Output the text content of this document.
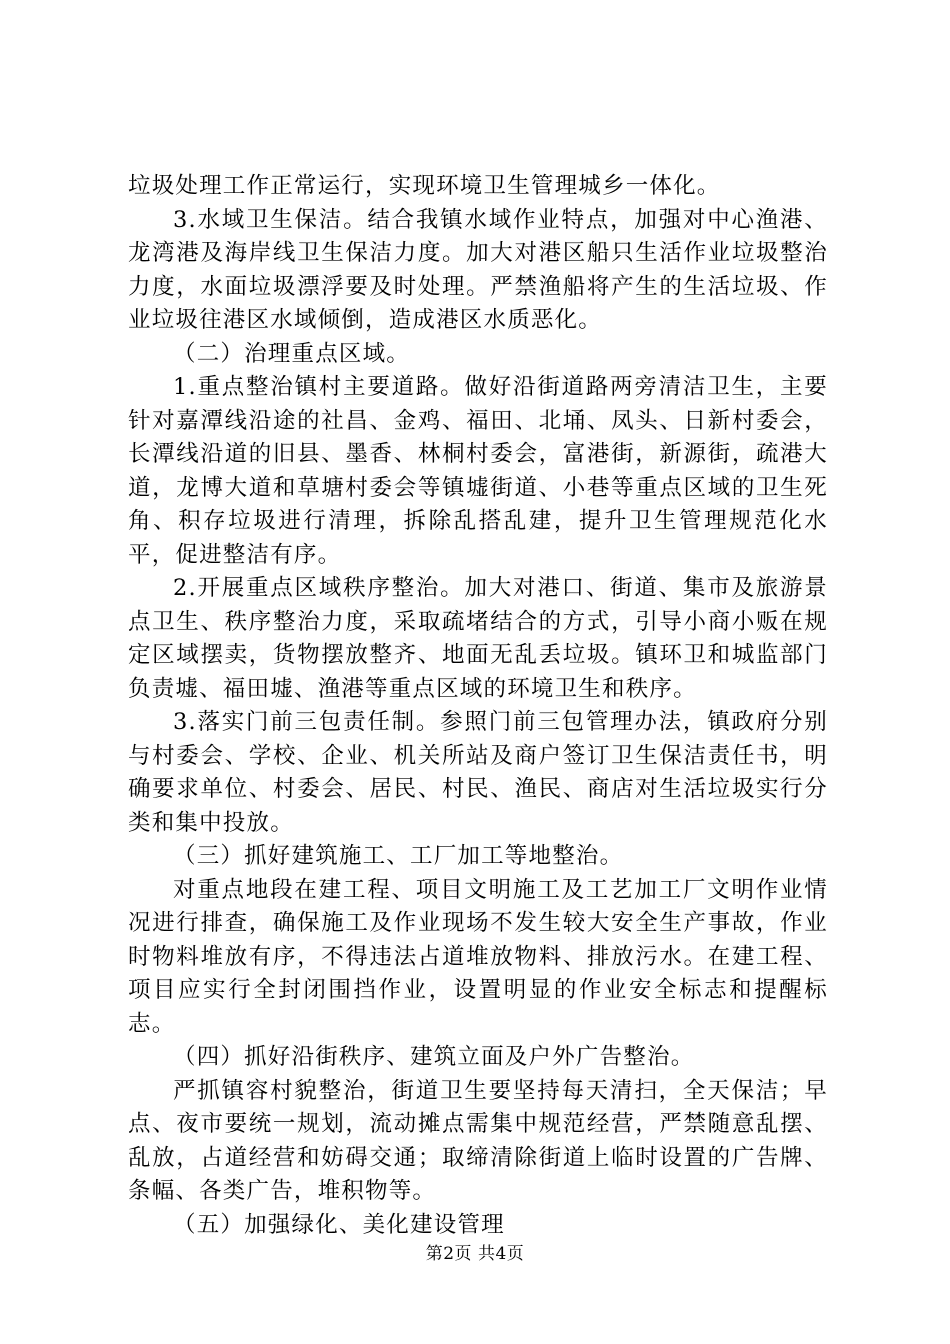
垃圾处理工作正常运行，实现环境卫生管理城乡一体化。

3.水域卫生保洁。结合我镇水域作业特点，加强对中心渔港、龙湾港及海岸线卫生保洁力度。加大对港区船只生活作业垃圾整治力度，水面垃圾漂浮要及时处理。严禁渔船将产生的生活垃圾、作业垃圾往港区水域倾倒，造成港区水质恶化。

（二）治理重点区域。

1.重点整治镇村主要道路。做好沿街道路两旁清洁卫生，主要针对嘉潭线沿途的社昌、金鸡、福田、北埇、凤头、日新村委会，长潭线沿道的旧县、墨香、林桐村委会，富港街，新源街，疏港大道，龙博大道和草塘村委会等镇墟街道、小巷等重点区域的卫生死角、积存垃圾进行清理，拆除乱搭乱建，提升卫生管理规范化水平，促进整洁有序。

2.开展重点区域秩序整治。加大对港口、街道、集市及旅游景点卫生、秩序整治力度，采取疏堵结合的方式，引导小商小贩在规定区域摆卖，货物摆放整齐、地面无乱丢垃圾。镇环卫和城监部门负责墟、福田墟、渔港等重点区域的环境卫生和秩序。

3.落实门前三包责任制。参照门前三包管理办法，镇政府分别与村委会、学校、企业、机关所站及商户签订卫生保洁责任书，明确要求单位、村委会、居民、村民、渔民、商店对生活垃圾实行分类和集中投放。

（三）抓好建筑施工、工厂加工等地整治。

对重点地段在建工程、项目文明施工及工艺加工厂文明作业情况进行排查，确保施工及作业现场不发生较大安全生产事故，作业时物料堆放有序，不得违法占道堆放物料、排放污水。在建工程、项目应实行全封闭围挡作业，设置明显的作业安全标志和提醒标志。

（四）抓好沿街秩序、建筑立面及户外广告整治。

严抓镇容村貌整治，街道卫生要坚持每天清扫，全天保洁；早点、夜市要统一规划，流动摊点需集中规范经营，严禁随意乱摆、乱放，占道经营和妨碍交通；取缔清除街道上临时设置的广告牌、条幅、各类广告，堆积物等。

（五）加强绿化、美化建设管理

第2页 共4页
